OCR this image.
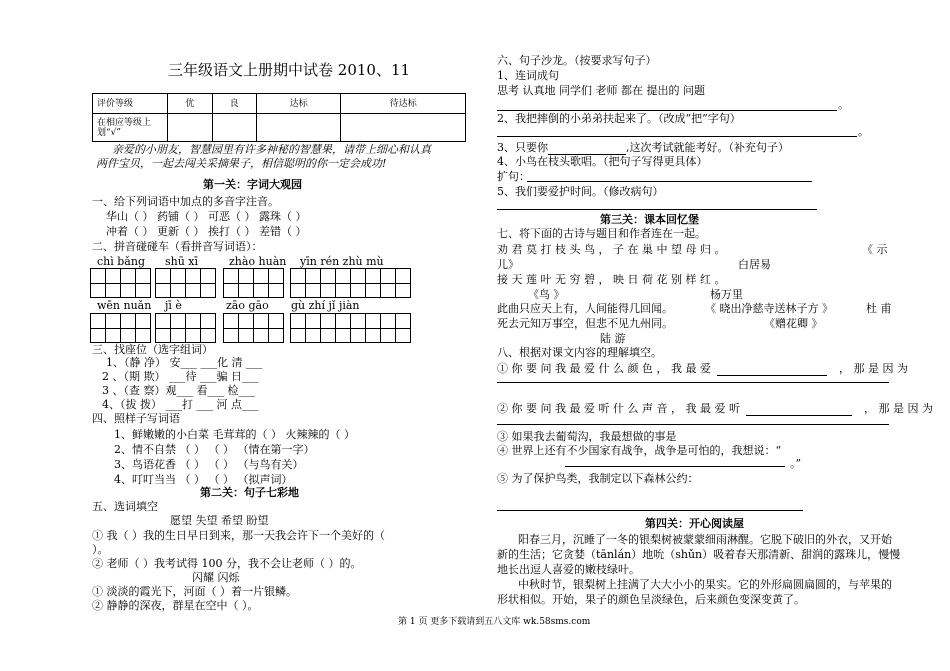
三年级语文上册期中试卷 2010、11
评价等级	优	良	达标	待达标
在相应等级上划“√”				
亲爱的小朋友，智慧园里有许多神秘的智慧果，请带上细心和认真
两件宝贝，一起去闯关采摘果子，相信聪明的你一定会成功!
第一关：字词大观园
一、给下列词语中加点的多音字注音。
华山（ ） 药铺（ ） 可恶（ ） 露珠（ ）
冲着（ ） 更新（ ） 挨打（ ） 差错（ ）
二、拼音碰碰车（看拼音写词语）：
chì bǎng shū xī	zhào huàn yīn rén zhù mù
wēn nuǎn jī è	zāo gāo gù zhí jǐ jiàn
三、找座位（选字组词）
1、（静 净） 安___ ___化 清 ___
2 、（期 欺） ___待 ___骗 日___
3 、（查 察）观___ 看___ 检___
4、（拔 拨） ___打 ___ 河 点___
四、照样子写词语
1、鲜嫩嫩的小白菜 毛茸茸的（ ） 火辣辣的（ ）
2、情不自禁 （ ） （ ） （情在第一字）
3、鸟语花香 （ ） （ ） （与鸟有关）
4、叮叮当当 （ ） （ ） （拟声词）
第二关：句子七彩地
五、选词填空
愿望 失望 希望 盼望
① 我（ ）我的生日早日到来，那一天我会许下一个美好的（
）。
② 老师（ ）我考试得 100 分，我不会让老师（ ）的。
闪耀 闪烁
① 淡淡的霞光下，河面（ ）着一片银鳞。
② 静静的深夜，群星在空中（ ）。
六、句子沙龙。（按要求写句子）
1、连词成句
思考 认真地 同学们 老师 都在 提出的 问题
。
2、我把摔倒的小弟弟扶起来了。（改成“把”字句）
。
3、只要你	,这次考试就能考好。（补充句子）
4、小鸟在枝头歌唱。（把句子写得更具体）
扩句：
5、我们要爱护时间。（修改病句）
第三关：课本回忆堡
七、将下面的古诗与题目和作者连在一起。
劝 君 莫 打 枝 头 鸟 ， 子 在 巢 中 望 母 归 。	《 示
儿》	白居易
接 天 莲 叶 无 穷 碧 ， 映 日 荷 花 别 样 红 。
《鸟 》	杨万里
此曲只应天上有，人间能得几回闻。	《 晓出净慈寺送林子方 》	杜 甫
死去元知万事空，但悲不见九州同。	《赠花卿 》
陆 游
八、根据对课文内容的理解填空。
① 你 要 问 我 最 爱 什 么 颜 色 ， 我 最 爱	， 那 是 因 为
② 你 要 问 我 最 爱 听 什 么 声 音 ， 我 最 爱 听	， 那 是 因 为
③ 如果我去葡萄沟，我最想做的事是
④ 世界上还有不少国家有战争，战争是可怕的，我想说：“
。”
⑤ 为了保护鸟类，我制定以下森林公约：
第四关：开心阅读屋
阳春三月，沉睡了一冬的银梨树被蒙蒙细雨淋醒。它脱下破旧的外衣，又开始
新的生活；它贪婪（tānlán）地吮（shǔn）吸着春天那清新、甜润的露珠儿，慢慢
地长出逗人喜爱的嫩枝绿叶。
中秋时节，银梨树上挂满了大大小小的果实。它的外形扁圆扁圆的，与苹果的
形状相似。开始，果子的颜色呈淡绿色，后来颜色变深变黄了。
第 1 页 更多下载请到五八文库 wk.58sms.com
